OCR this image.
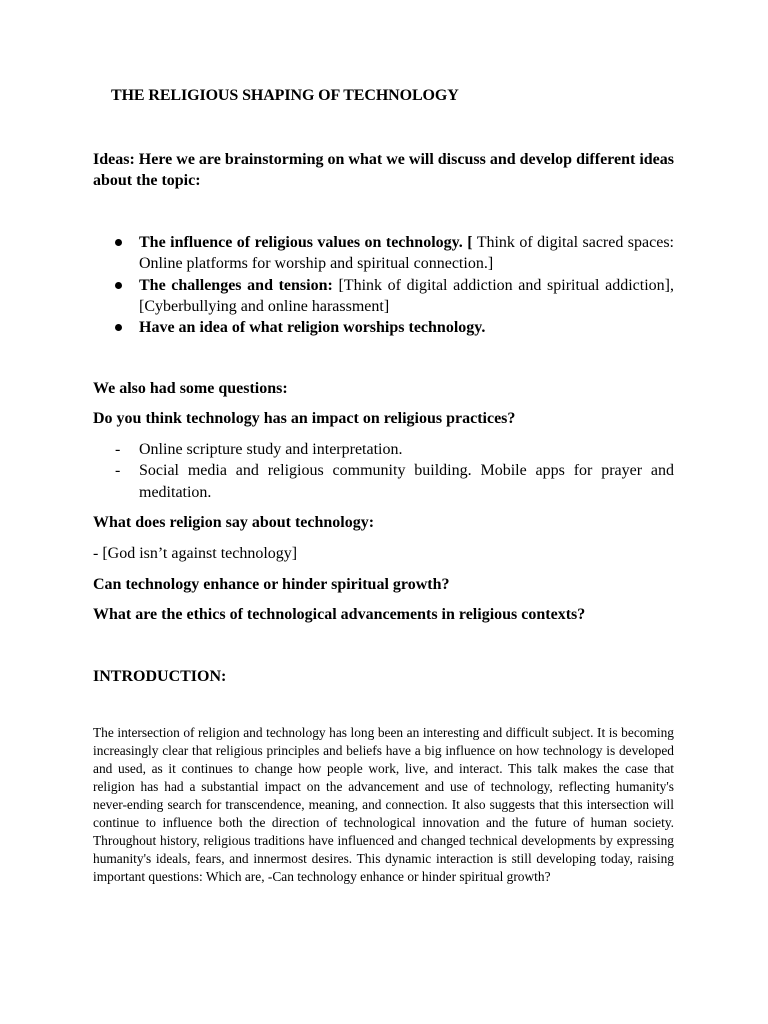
THE RELIGIOUS SHAPING OF TECHNOLOGY

Ideas: Here we are brainstorming on what we will discuss and develop different ideas about the topic:

The influence of religious values on technology. [ Think of digital sacred spaces: Online platforms for worship and spiritual connection.]
The challenges and tension: [Think of digital addiction and spiritual addiction], [Cyberbullying and online harassment]
Have an idea of what religion worships technology.

We also had some questions:

Do you think technology has an impact on religious practices?

- Online scripture study and interpretation.
- Social media and religious community building. Mobile apps for prayer and meditation.

What does religion say about technology:

- [God isn’t against technology]

Can technology enhance or hinder spiritual growth?

What are the ethics of technological advancements in religious contexts?

INTRODUCTION:

The intersection of religion and technology has long been an interesting and difficult subject. It is becoming increasingly clear that religious principles and beliefs have a big influence on how technology is developed and used, as it continues to change how people work, live, and interact. This talk makes the case that religion has had a substantial impact on the advancement and use of technology, reflecting humanity's never-ending search for transcendence, meaning, and connection. It also suggests that this intersection will continue to influence both the direction of technological innovation and the future of human society. Throughout history, religious traditions have influenced and changed technical developments by expressing humanity's ideals, fears, and innermost desires. This dynamic interaction is still developing today, raising important questions: Which are, -Can technology enhance or hinder spiritual growth?
